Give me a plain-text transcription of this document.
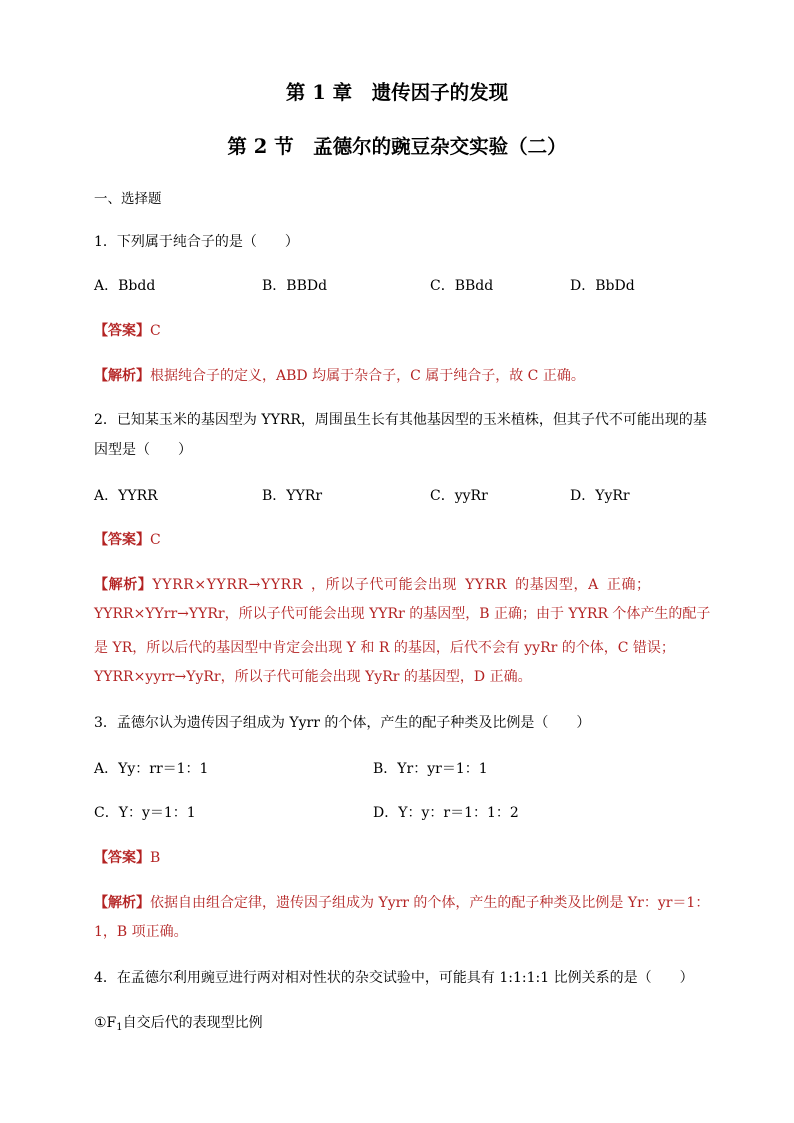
第 1 章　遗传因子的发现
第 2 节　孟德尔的豌豆杂交实验（二）
一、选择题
1．下列属于纯合子的是（　　）
A．Bbdd	B．BBDd	C．BBdd	D．BbDd
【答案】C
【解析】根据纯合子的定义，ABD 均属于杂合子，C 属于纯合子，故 C 正确。
2．已知某玉米的基因型为 YYRR，周围虽生长有其他基因型的玉米植株，但其子代不可能出现的基
因型是（　　）
A．YYRR	B．YYRr	C．yyRr	D．YyRr
【答案】C
【解析】YYRR×YYRR→YYRR ，所以子代可能会出现 YYRR 的基因型，A 正确；
YYRR×YYrr→YYRr，所以子代可能会出现 YYRr 的基因型，B 正确；由于 YYRR 个体产生的配子
是 YR，所以后代的基因型中肯定会出现 Y 和 R 的基因，后代不会有 yyRr 的个体，C 错误；
YYRR×yyrr→YyRr，所以子代可能会出现 YyRr 的基因型，D 正确。
3．孟德尔认为遗传因子组成为 Yyrr 的个体，产生的配子种类及比例是（　　）
A．Yy：rr＝1：1	B．Yr：yr＝1：1
C．Y：y＝1：1	D．Y：y：r＝1：1：2
【答案】B
【解析】依据自由组合定律，遗传因子组成为 Yyrr 的个体，产生的配子种类及比例是 Yr：yr＝1：
1，B 项正确。
4．在孟德尔利用豌豆进行两对相对性状的杂交试验中，可能具有 1:1:1:1 比例关系的是（　　）
$①F_1$自交后代的表现型比例
